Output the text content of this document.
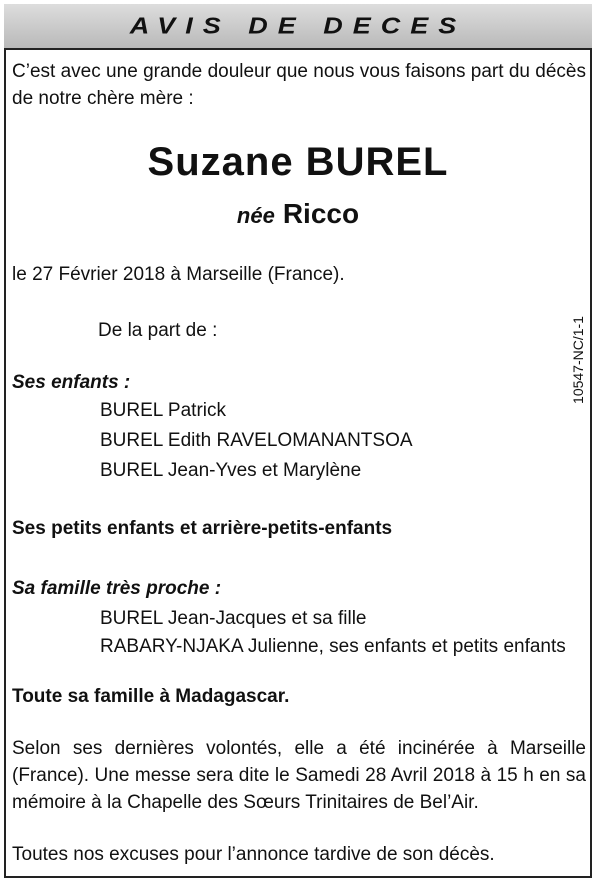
AVIS DE DECES
C’est avec une grande douleur que nous vous faisons part du décès de notre chère mère :
Suzane BUREL
née Ricco
le 27 Février 2018 à Marseille (France).
De la part de :	10547-NC/1-1
Ses enfants :
BUREL Patrick
BUREL Edith RAVELOMANANTSOA
BUREL Jean-Yves et Marylène
Ses petits enfants et arrière-petits-enfants
Sa famille très proche :
BUREL Jean-Jacques et sa fille
RABARY-NJAKA Julienne, ses enfants et petits enfants
Toute sa famille à Madagascar.
Selon ses dernières volontés, elle a été incinérée à Marseille (France). Une messe sera dite le Samedi 28 Avril 2018 à 15 h en sa mémoire à la Chapelle des Sœurs Trinitaires de Bel’Air.
Toutes nos excuses pour l’annonce tardive de son décès.
